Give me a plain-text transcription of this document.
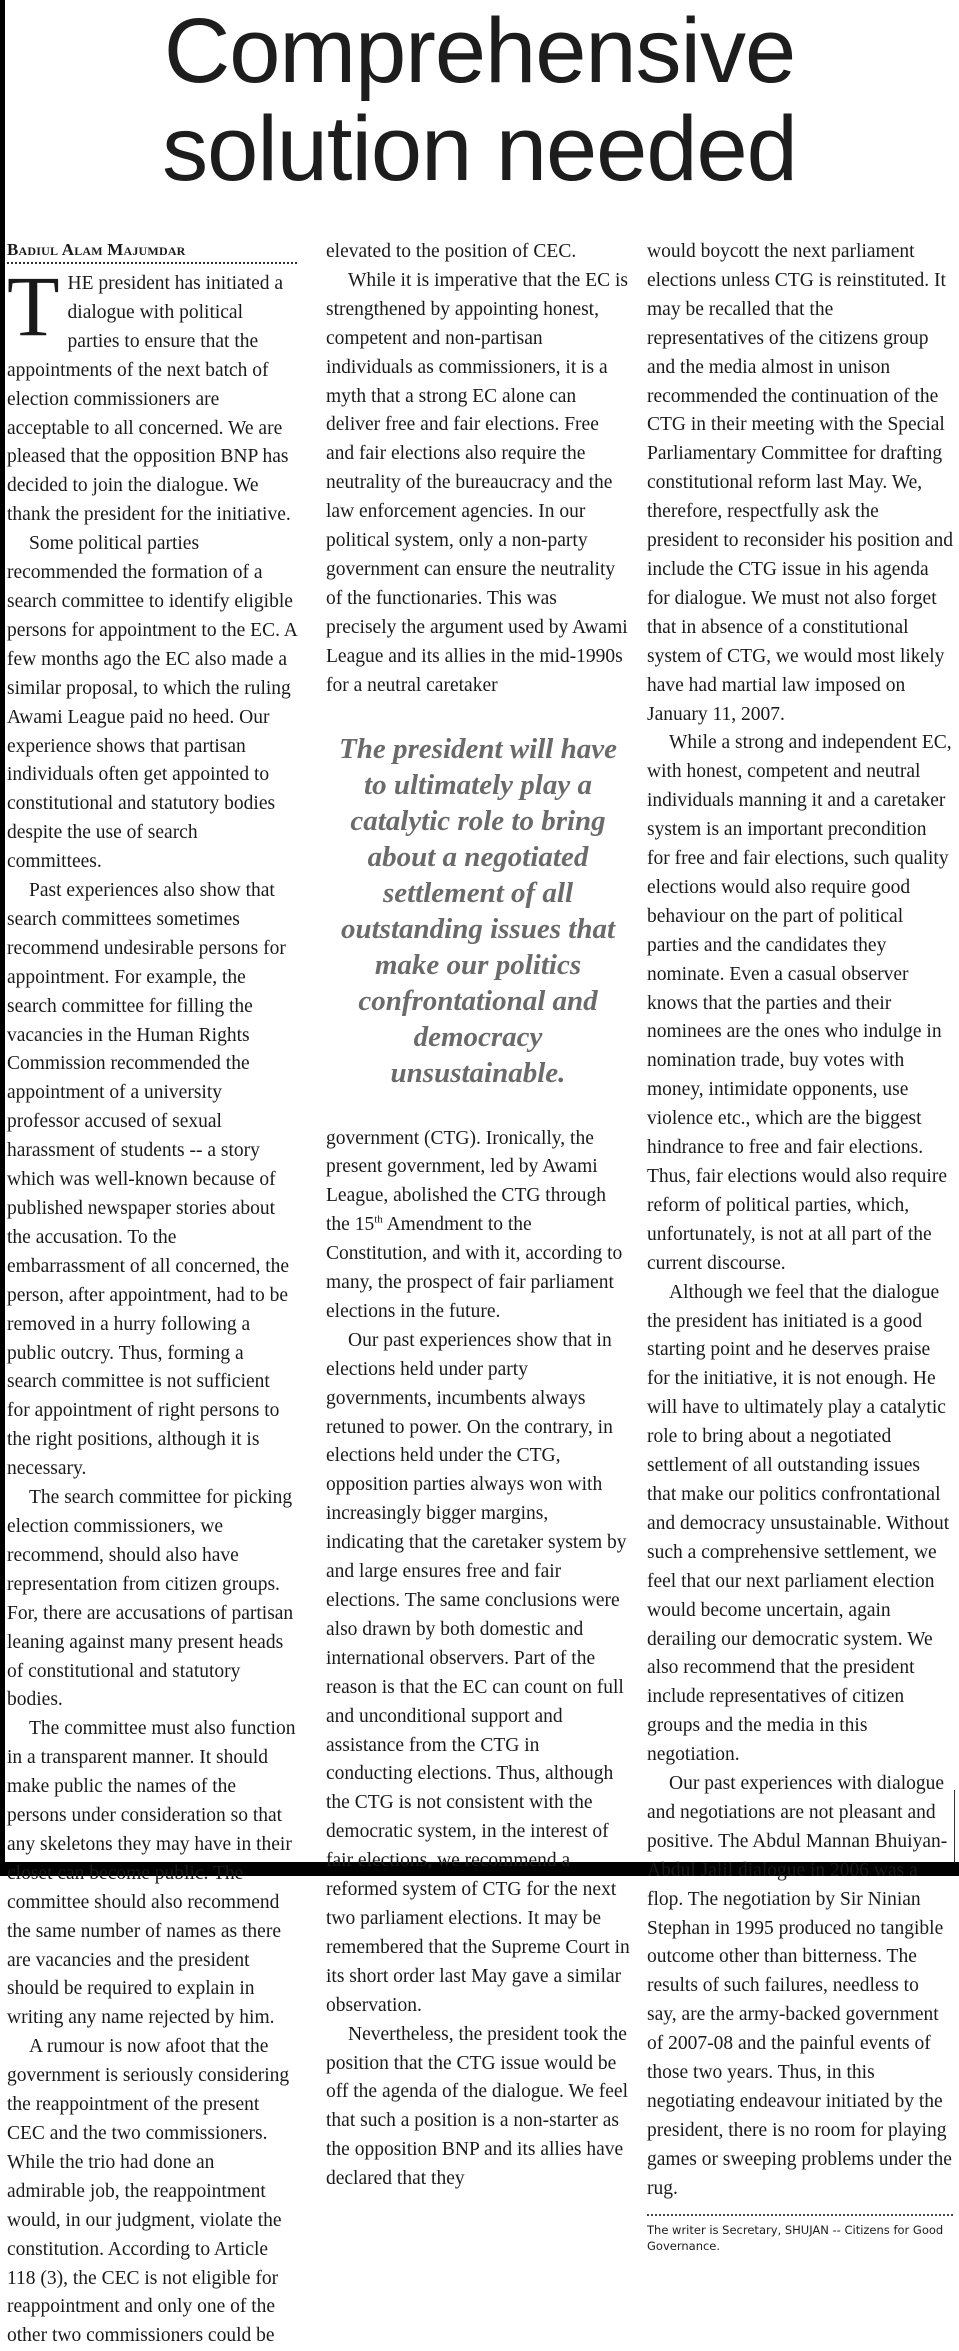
Comprehensive
solution needed
Badiul Alam Majumdar

THE president has initiated a dialogue with political parties to ensure that the appointments of the next batch of election commissioners are acceptable to all concerned. We are pleased that the opposition BNP has decided to join the dialogue. We thank the president for the initiative.

Some political parties recommended the formation of a search committee to identify eligible persons for appointment to the EC. A few months ago the EC also made a similar proposal, to which the ruling Awami League paid no heed. Our experience shows that partisan individuals often get appointed to constitutional and statutory bodies despite the use of search committees.

Past experiences also show that search committees sometimes recommend undesirable persons for appointment. For example, the search committee for filling the vacancies in the Human Rights Commission recommended the appointment of a university professor accused of sexual harassment of students -- a story which was well-known because of published newspaper stories about the accusation. To the embarrassment of all concerned, the person, after appointment, had to be removed in a hurry following a public outcry. Thus, forming a search committee is not sufficient for appointment of right persons to the right positions, although it is necessary.

The search committee for picking election commissioners, we recommend, should also have representation from citizen groups. For, there are accusations of partisan leaning against many present heads of constitutional and statutory bodies.

The committee must also function in a transparent manner. It should make public the names of the persons under consideration so that any skeletons they may have in their closet can become public. The committee should also recommend the same number of names as there are vacancies and the president should be required to explain in writing any name rejected by him.

A rumour is now afoot that the government is seriously considering the reappointment of the present CEC and the two commissioners. While the trio had done an admirable job, the reappointment would, in our judgment, violate the constitution. According to Article 118 (3), the CEC is not eligible for reappointment and only one of the other two commissioners could be

elevated to the position of CEC.

While it is imperative that the EC is strengthened by appointing honest, competent and non-partisan individuals as commissioners, it is a myth that a strong EC alone can deliver free and fair elections. Free and fair elections also require the neutrality of the bureaucracy and the law enforcement agencies. In our political system, only a non-party government can ensure the neutrality of the functionaries. This was precisely the argument used by Awami League and its allies in the mid-1990s for a neutral caretaker

The president will have to ultimately play a catalytic role to bring about a negotiated settlement of all outstanding issues that make our politics confrontational and democracy unsustainable.

government (CTG). Ironically, the present government, led by Awami League, abolished the CTG through the 15th Amendment to the Constitution, and with it, according to many, the prospect of fair parliament elections in the future.

Our past experiences show that in elections held under party governments, incumbents always retuned to power. On the contrary, in elections held under the CTG, opposition parties always won with increasingly bigger margins, indicating that the caretaker system by and large ensures free and fair elections. The same conclusions were also drawn by both domestic and international observers. Part of the reason is that the EC can count on full and unconditional support and assistance from the CTG in conducting elections. Thus, although the CTG is not consistent with the democratic system, in the interest of fair elections, we recommend a reformed system of CTG for the next two parliament elections. It may be remembered that the Supreme Court in its short order last May gave a similar observation.

Nevertheless, the president took the position that the CTG issue would be off the agenda of the dialogue. We feel that such a position is a non-starter as the opposition BNP and its allies have declared that they

would boycott the next parliament elections unless CTG is reinstituted. It may be recalled that the representatives of the citizens group and the media almost in unison recommended the continuation of the CTG in their meeting with the Special Parliamentary Committee for drafting constitutional reform last May. We, therefore, respectfully ask the president to reconsider his position and include the CTG issue in his agenda for dialogue. We must not also forget that in absence of a constitutional system of CTG, we would most likely have had martial law imposed on January 11, 2007.

While a strong and independent EC, with honest, competent and neutral individuals manning it and a caretaker system is an important precondition for free and fair elections, such quality elections would also require good behaviour on the part of political parties and the candidates they nominate. Even a casual observer knows that the parties and their nominees are the ones who indulge in nomination trade, buy votes with money, intimidate opponents, use violence etc., which are the biggest hindrance to free and fair elections. Thus, fair elections would also require reform of political parties, which, unfortunately, is not at all part of the current discourse.

Although we feel that the dialogue the president has initiated is a good starting point and he deserves praise for the initiative, it is not enough. He will have to ultimately play a catalytic role to bring about a negotiated settlement of all outstanding issues that make our politics confrontational and democracy unsustainable. Without such a comprehensive settlement, we feel that our next parliament election would become uncertain, again derailing our democratic system. We also recommend that the president include representatives of citizen groups and the media in this negotiation.

Our past experiences with dialogue and negotiations are not pleasant and positive. The Abdul Mannan Bhuiyan-Abdul Jalil dialogue in 2006 was a flop. The negotiation by Sir Ninian Stephan in 1995 produced no tangible outcome other than bitterness. The results of such failures, needless to say, are the army-backed government of 2007-08 and the painful events of those two years. Thus, in this negotiating endeavour initiated by the president, there is no room for playing games or sweeping problems under the rug.

The writer is Secretary, SHUJAN -- Citizens for Good Governance.
